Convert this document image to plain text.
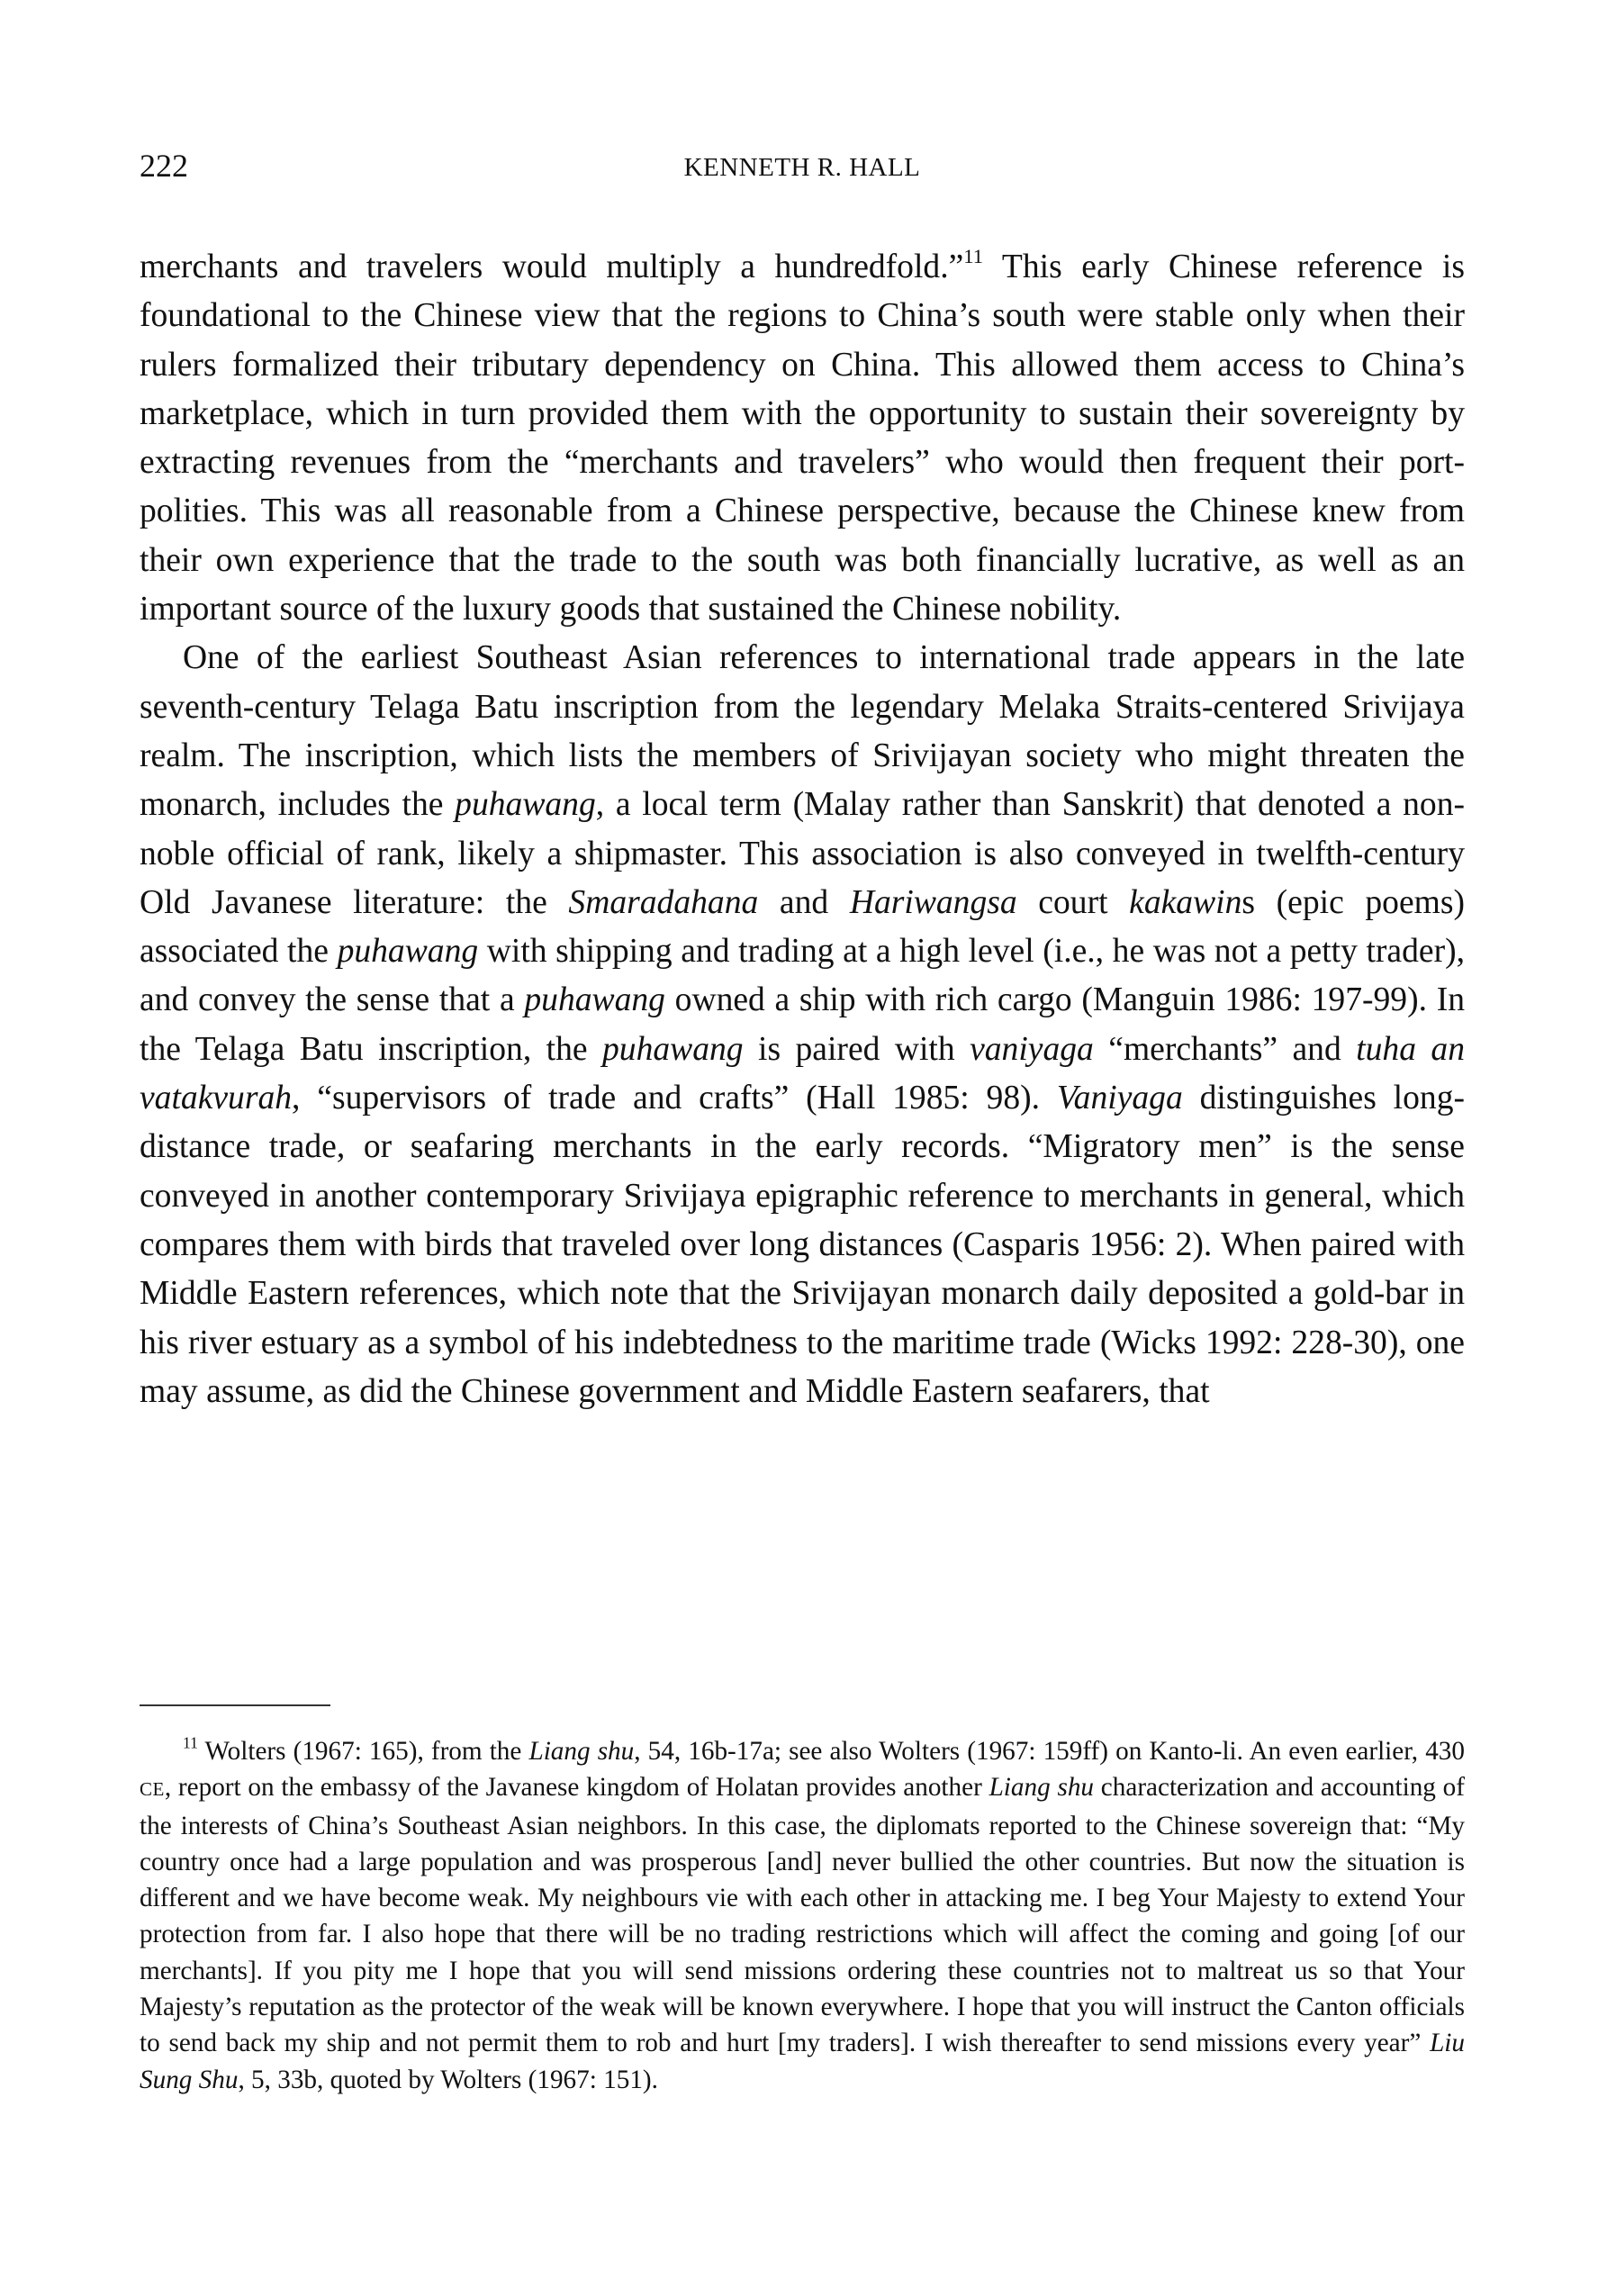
222	KENNETH R. HALL

merchants and travelers would multiply a hundredfold.”$^{11}$ This early Chinese reference is foundational to the Chinese view that the regions to China’s south were stable only when their rulers formalized their tributary dependency on China. This allowed them access to China’s marketplace, which in turn provided them with the opportunity to sustain their sovereignty by extracting revenues from the “merchants and travelers” who would then frequent their port-polities. This was all reasonable from a Chinese perspective, because the Chinese knew from their own experience that the trade to the south was both financially lucrative, as well as an important source of the luxury goods that sustained the Chinese nobility.

One of the earliest Southeast Asian references to international trade appears in the late seventh-century Telaga Batu inscription from the legendary Melaka Straits-centered Srivijaya realm. The inscription, which lists the members of Srivijayan society who might threaten the monarch, includes the puhawang, a local term (Malay rather than Sanskrit) that denoted a non-noble official of rank, likely a shipmaster. This association is also conveyed in twelfth-century Old Javanese literature: the Smaradahana and Hariwangsa court kakawins (epic poems) associated the puhawang with shipping and trading at a high level (i.e., he was not a petty trader), and convey the sense that a puhawang owned a ship with rich cargo (Manguin 1986: 197-99). In the Telaga Batu inscription, the puhawang is paired with vaniyaga “merchants” and tuha an vatakvurah, “supervisors of trade and crafts” (Hall 1985: 98). Vaniyaga distinguishes long-distance trade, or seafaring merchants in the early records. “Migratory men” is the sense conveyed in another contemporary Srivijaya epigraphic reference to merchants in general, which compares them with birds that traveled over long distances (Casparis 1956: 2). When paired with Middle Eastern references, which note that the Srivijayan monarch daily deposited a gold-bar in his river estuary as a symbol of his indebtedness to the maritime trade (Wicks 1992: 228-30), one may assume, as did the Chinese government and Middle Eastern seafarers, that

$^{11}$ Wolters (1967: 165), from the Liang shu, 54, 16b-17a; see also Wolters (1967: 159ff) on Kanto-li. An even earlier, 430 CE, report on the embassy of the Javanese kingdom of Holatan provides another Liang shu characterization and accounting of the interests of China’s Southeast Asian neighbors. In this case, the diplomats reported to the Chinese sovereign that: “My country once had a large population and was prosperous [and] never bullied the other countries. But now the situation is different and we have become weak. My neighbours vie with each other in attacking me. I beg Your Majesty to extend Your protection from far. I also hope that there will be no trading restrictions which will affect the coming and going [of our merchants]. If you pity me I hope that you will send missions ordering these countries not to maltreat us so that Your Majesty’s reputation as the protector of the weak will be known everywhere. I hope that you will instruct the Canton officials to send back my ship and not permit them to rob and hurt [my traders]. I wish thereafter to send missions every year” Liu Sung Shu, 5, 33b, quoted by Wolters (1967: 151).
